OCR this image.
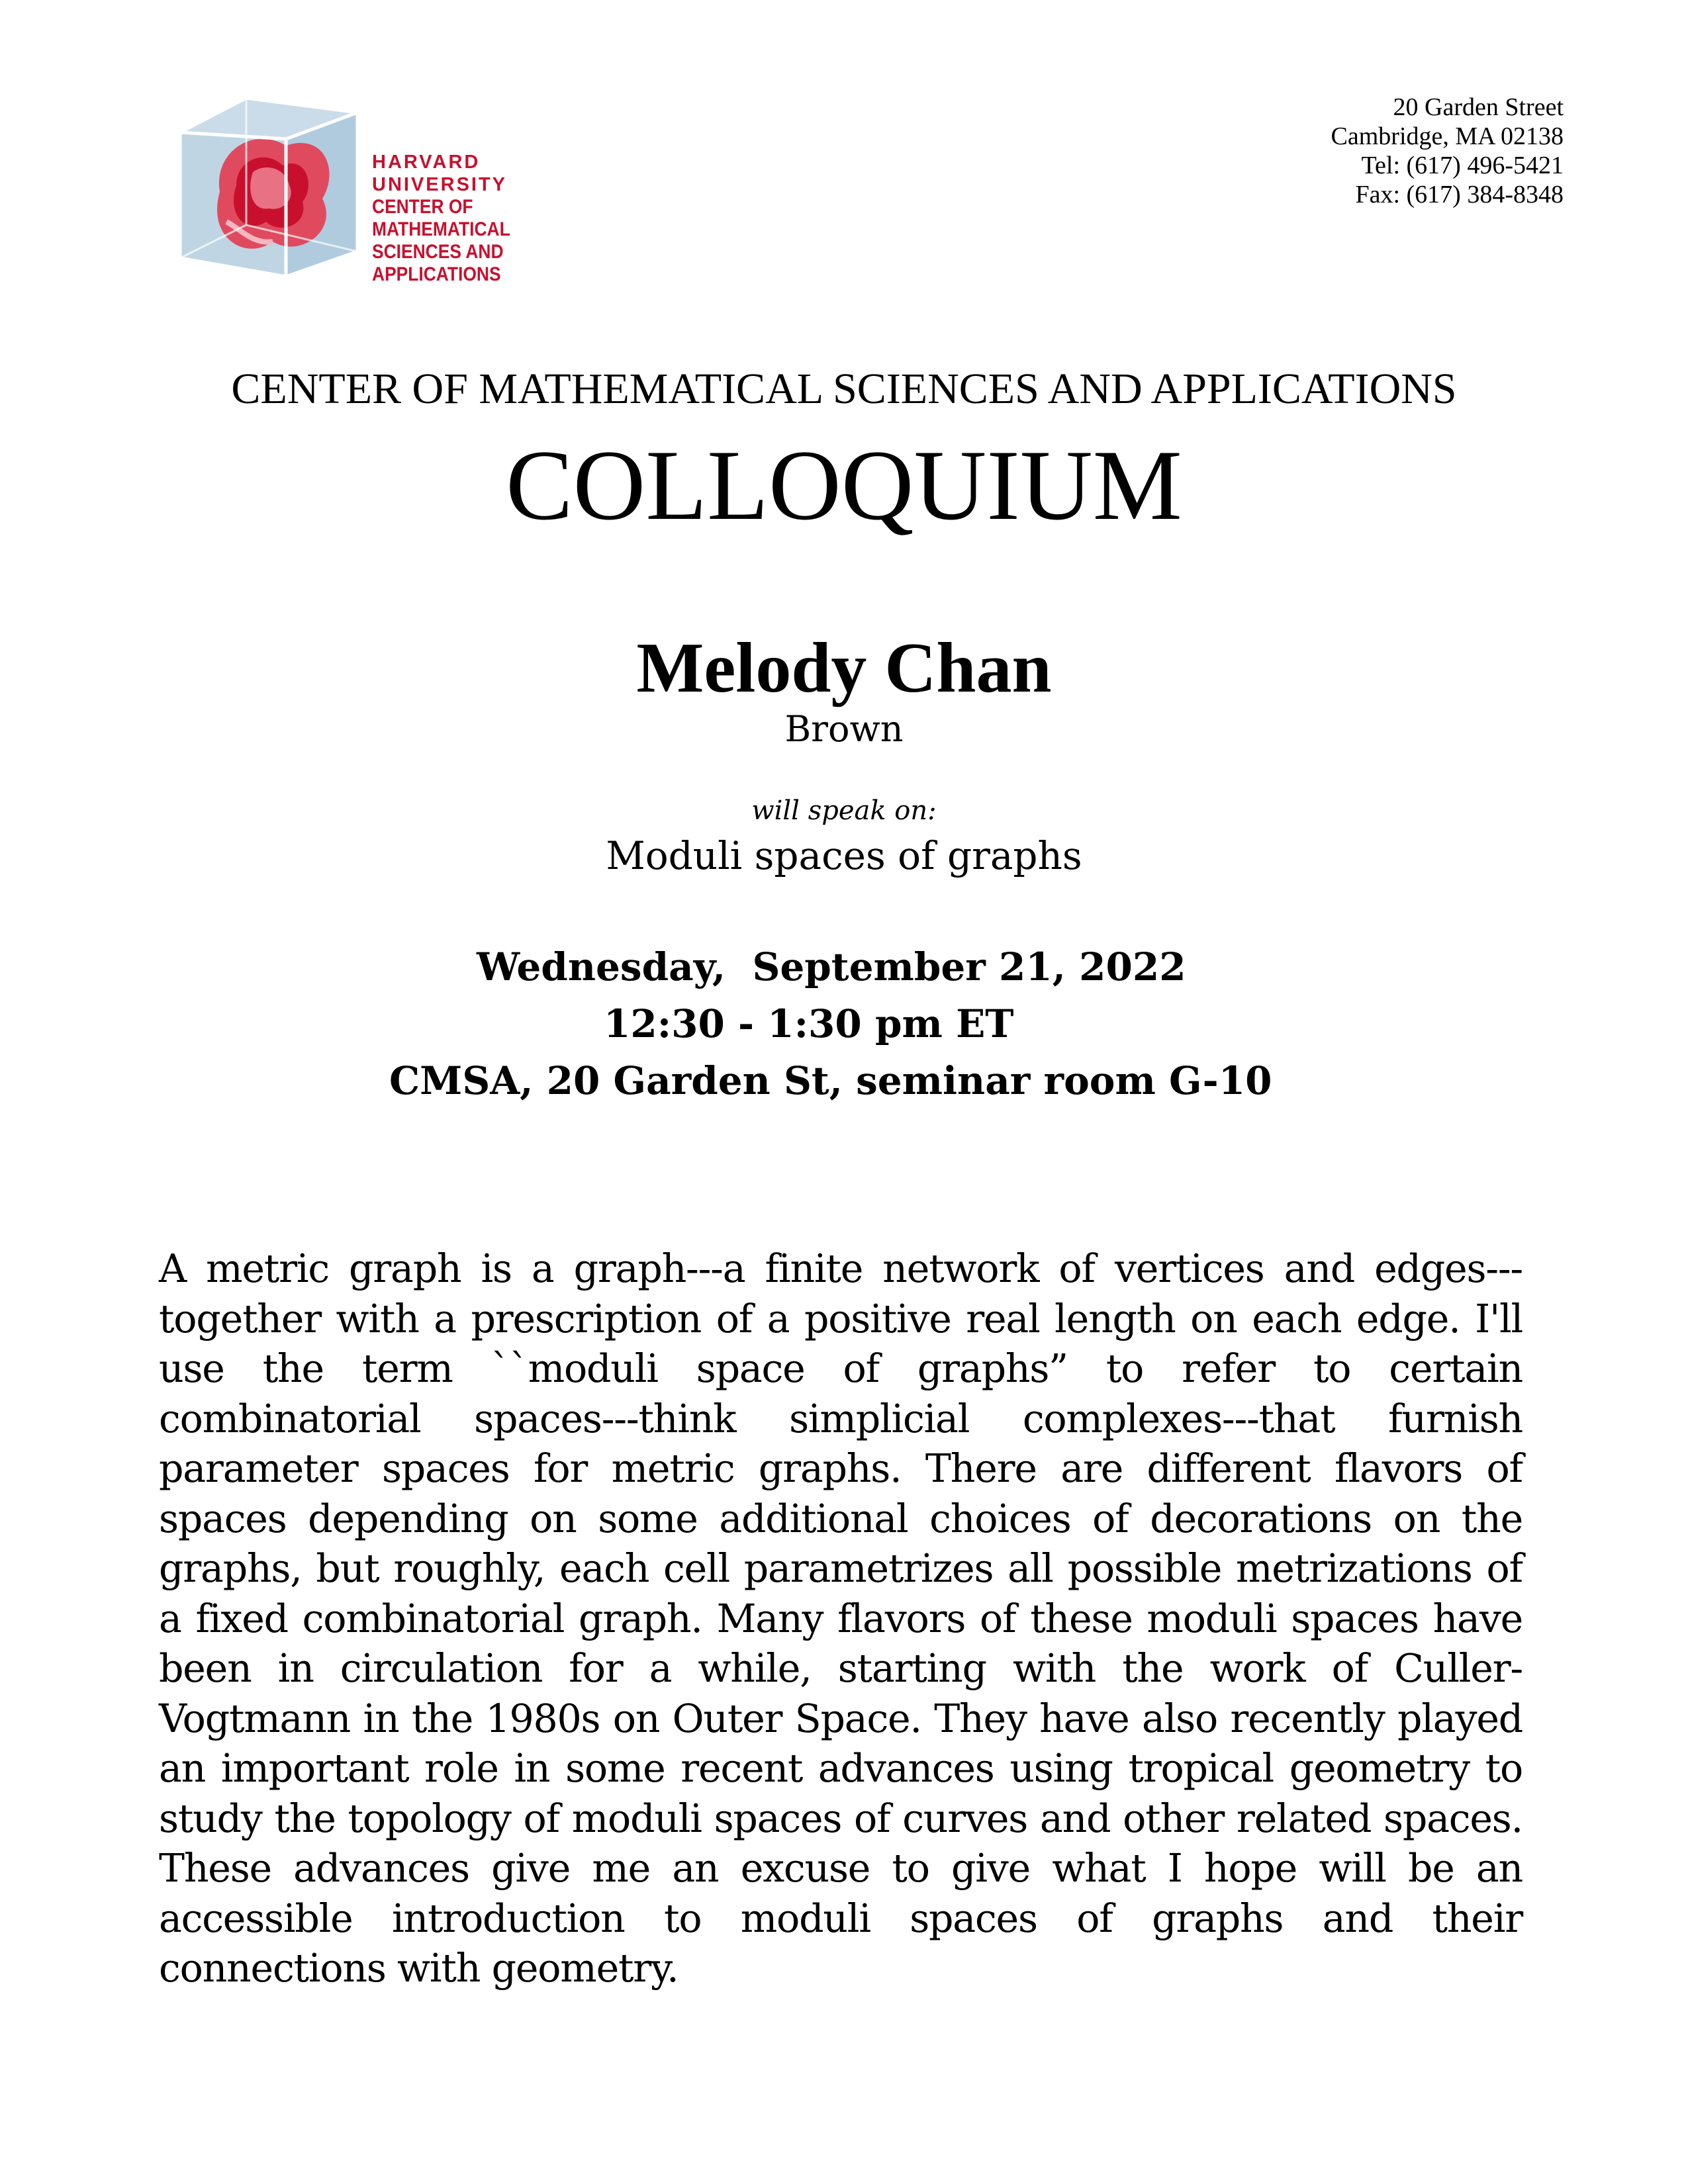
HARVARD UNIVERSITY
CENTER OF MATHEMATICAL
SCIENCES AND APPLICATIONS
20 Garden Street
Cambridge, MA 02138
Tel: (617) 496-5421
Fax: (617) 384-8348
CENTER OF MATHEMATICAL SCIENCES AND APPLICATIONS
COLLOQUIUM
Melody Chan
Brown
will speak on:
Moduli spaces of graphs
Wednesday,  September 21, 2022
12:30 - 1:30 pm ET
CMSA, 20 Garden St, seminar room G-10
A metric graph is a graph---a finite network of vertices and edges---together with a prescription of a positive real length on each edge. I'll use the term ``moduli space of graphs” to refer to certain combinatorial spaces---think simplicial complexes---that furnish parameter spaces for metric graphs. There are different flavors of spaces depending on some additional choices of decorations on the graphs, but roughly, each cell parametrizes all possible metrizations of a fixed combinatorial graph. Many flavors of these moduli spaces have been in circulation for a while, starting with the work of Culler-Vogtmann in the 1980s on Outer Space. They have also recently played an important role in some recent advances using tropical geometry to study the topology of moduli spaces of curves and other related spaces. These advances give me an excuse to give what I hope will be an accessible introduction to moduli spaces of graphs and their connections with geometry.
